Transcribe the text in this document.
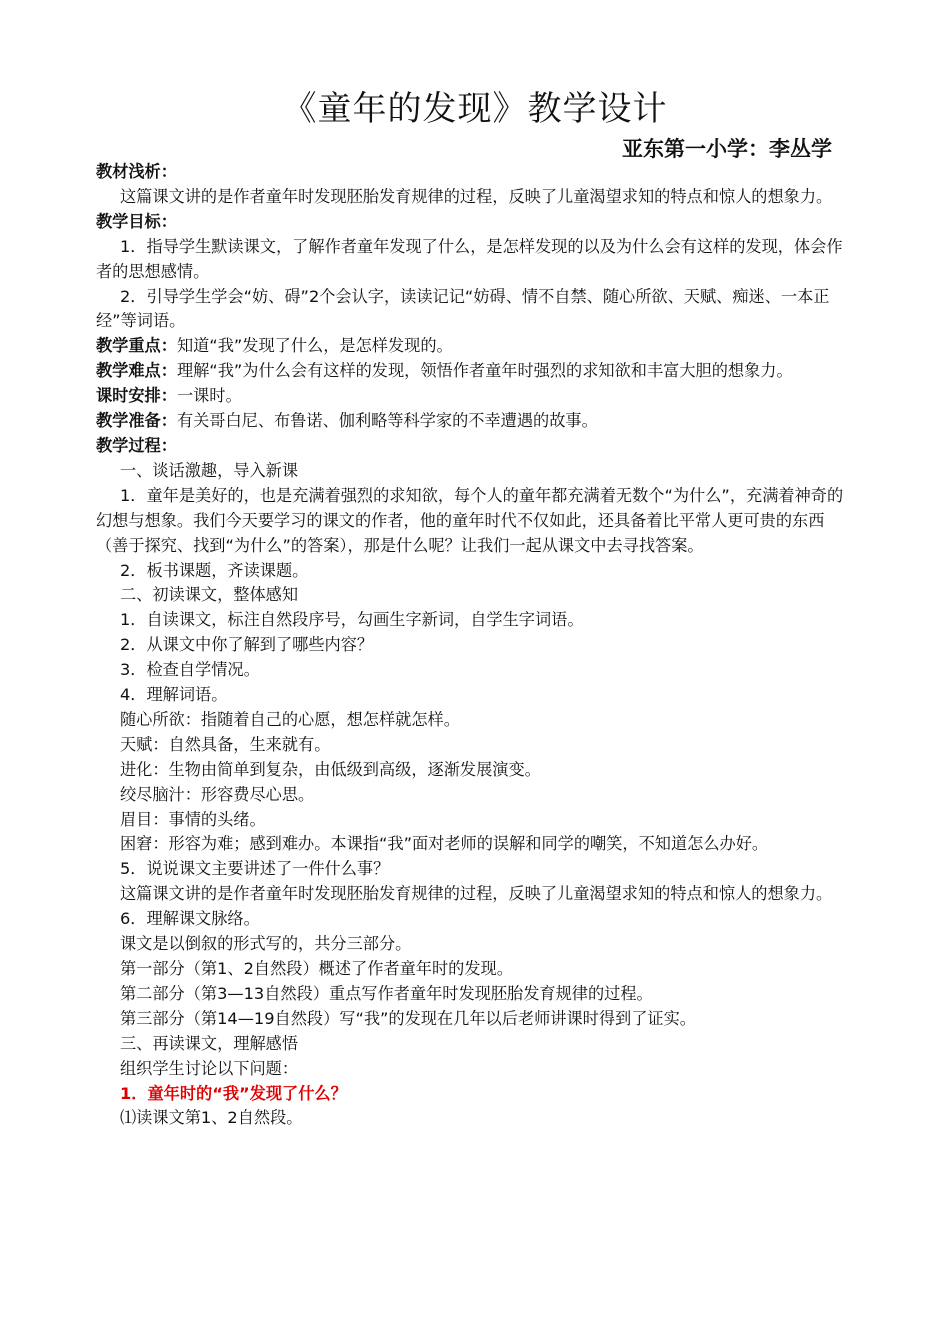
《童年的发现》教学设计
亚东第一小学：李丛学

教材浅析：

这篇课文讲的是作者童年时发现胚胎发育规律的过程，反映了儿童渴望求知的特点和惊人的想象力。

教学目标：

1．指导学生默读课文，了解作者童年发现了什么，是怎样发现的以及为什么会有这样的发现，体会作者的思想感情。

2．引导学生学会“妨、碍”2个会认字，读读记记“妨碍、情不自禁、随心所欲、天赋、痴迷、一本正经”等词语。

教学重点：知道“我”发现了什么，是怎样发现的。

教学难点：理解“我”为什么会有这样的发现，领悟作者童年时强烈的求知欲和丰富大胆的想象力。

课时安排：一课时。

教学准备：有关哥白尼、布鲁诺、伽利略等科学家的不幸遭遇的故事。

教学过程：

一、谈话激趣，导入新课

1．童年是美好的，也是充满着强烈的求知欲，每个人的童年都充满着无数个“为什么”，充满着神奇的幻想与想象。我们今天要学习的课文的作者，他的童年时代不仅如此，还具备着比平常人更可贵的东西（善于探究、找到“为什么”的答案），那是什么呢？让我们一起从课文中去寻找答案。

2．板书课题，齐读课题。

二、初读课文，整体感知

1．自读课文，标注自然段序号，勾画生字新词，自学生字词语。

2．从课文中你了解到了哪些内容？

3．检查自学情况。

4．理解词语。

随心所欲：指随着自己的心愿，想怎样就怎样。

天赋：自然具备，生来就有。

进化：生物由简单到复杂，由低级到高级，逐渐发展演变。

绞尽脑汁：形容费尽心思。

眉目：事情的头绪。

困窘：形容为难；感到难办。本课指“我”面对老师的误解和同学的嘲笑，不知道怎么办好。

5．说说课文主要讲述了一件什么事？

这篇课文讲的是作者童年时发现胚胎发育规律的过程，反映了儿童渴望求知的特点和惊人的想象力。

6．理解课文脉络。

课文是以倒叙的形式写的，共分三部分。

第一部分（第1、2自然段）概述了作者童年时的发现。

第二部分（第3—13自然段）重点写作者童年时发现胚胎发育规律的过程。

第三部分（第14—19自然段）写“我”的发现在几年以后老师讲课时得到了证实。

三、再读课文，理解感悟

组织学生讨论以下问题：

1．童年时的“我”发现了什么？

⑴读课文第1、2自然段。
